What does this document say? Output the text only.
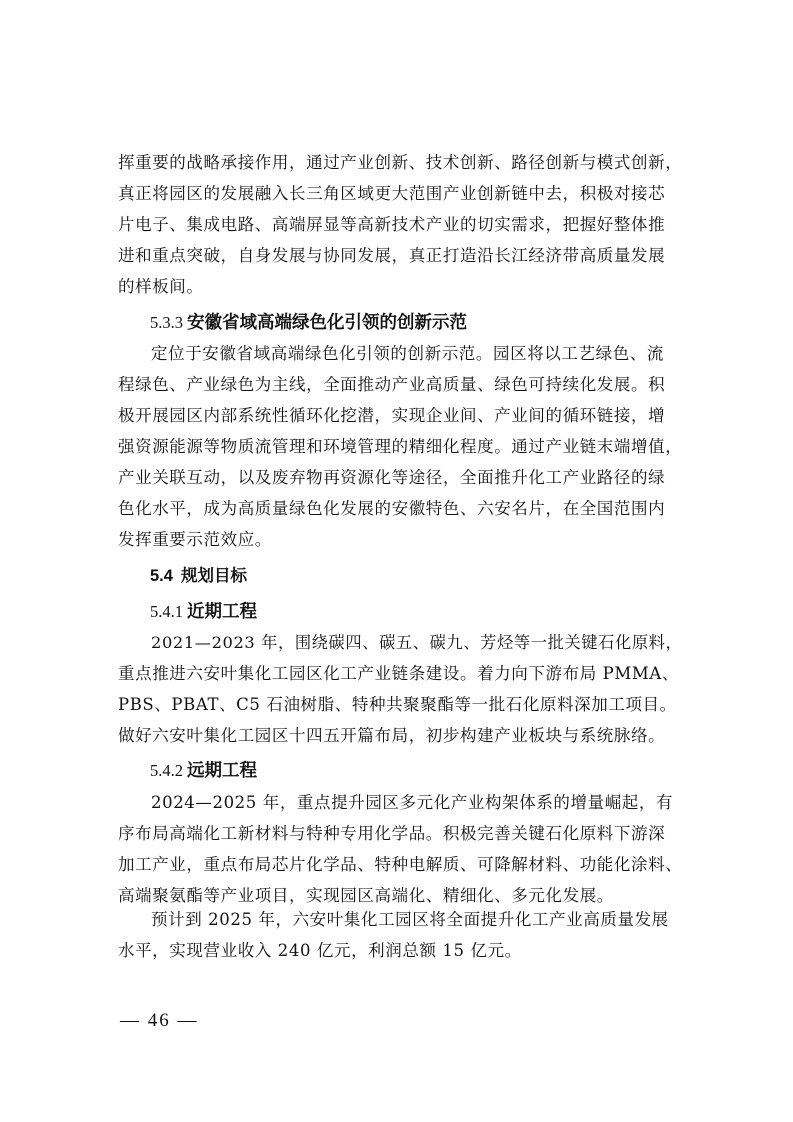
挥重要的战略承接作用，通过产业创新、技术创新、路径创新与模式创新，
真正将园区的发展融入长三角区域更大范围产业创新链中去，积极对接芯
片电子、集成电路、高端屏显等高新技术产业的切实需求，把握好整体推
进和重点突破，自身发展与协同发展，真正打造沿长江经济带高质量发展
的样板间。
5.3.3 安徽省域高端绿色化引领的创新示范
定位于安徽省域高端绿色化引领的创新示范。园区将以工艺绿色、流
程绿色、产业绿色为主线，全面推动产业高质量、绿色可持续化发展。积
极开展园区内部系统性循环化挖潜，实现企业间、产业间的循环链接，增
强资源能源等物质流管理和环境管理的精细化程度。通过产业链末端增值，
产业关联互动，以及废弃物再资源化等途径，全面推升化工产业路径的绿
色化水平，成为高质量绿色化发展的安徽特色、六安名片，在全国范围内
发挥重要示范效应。
5.4 规划目标
5.4.1 近期工程
2021—2023 年，围绕碳四、碳五、碳九、芳烃等一批关键石化原料，
重点推进六安叶集化工园区化工产业链条建设。着力向下游布局 PMMA、
PBS、PBAT、C5 石油树脂、特种共聚聚酯等一批石化原料深加工项目。
做好六安叶集化工园区十四五开篇布局，初步构建产业板块与系统脉络。
5.4.2 远期工程
2024—2025 年，重点提升园区多元化产业构架体系的增量崛起，有
序布局高端化工新材料与特种专用化学品。积极完善关键石化原料下游深
加工产业，重点布局芯片化学品、特种电解质、可降解材料、功能化涂料、
高端聚氨酯等产业项目，实现园区高端化、精细化、多元化发展。
预计到 2025 年，六安叶集化工园区将全面提升化工产业高质量发展
水平，实现营业收入 240 亿元，利润总额 15 亿元。
— 46 —
